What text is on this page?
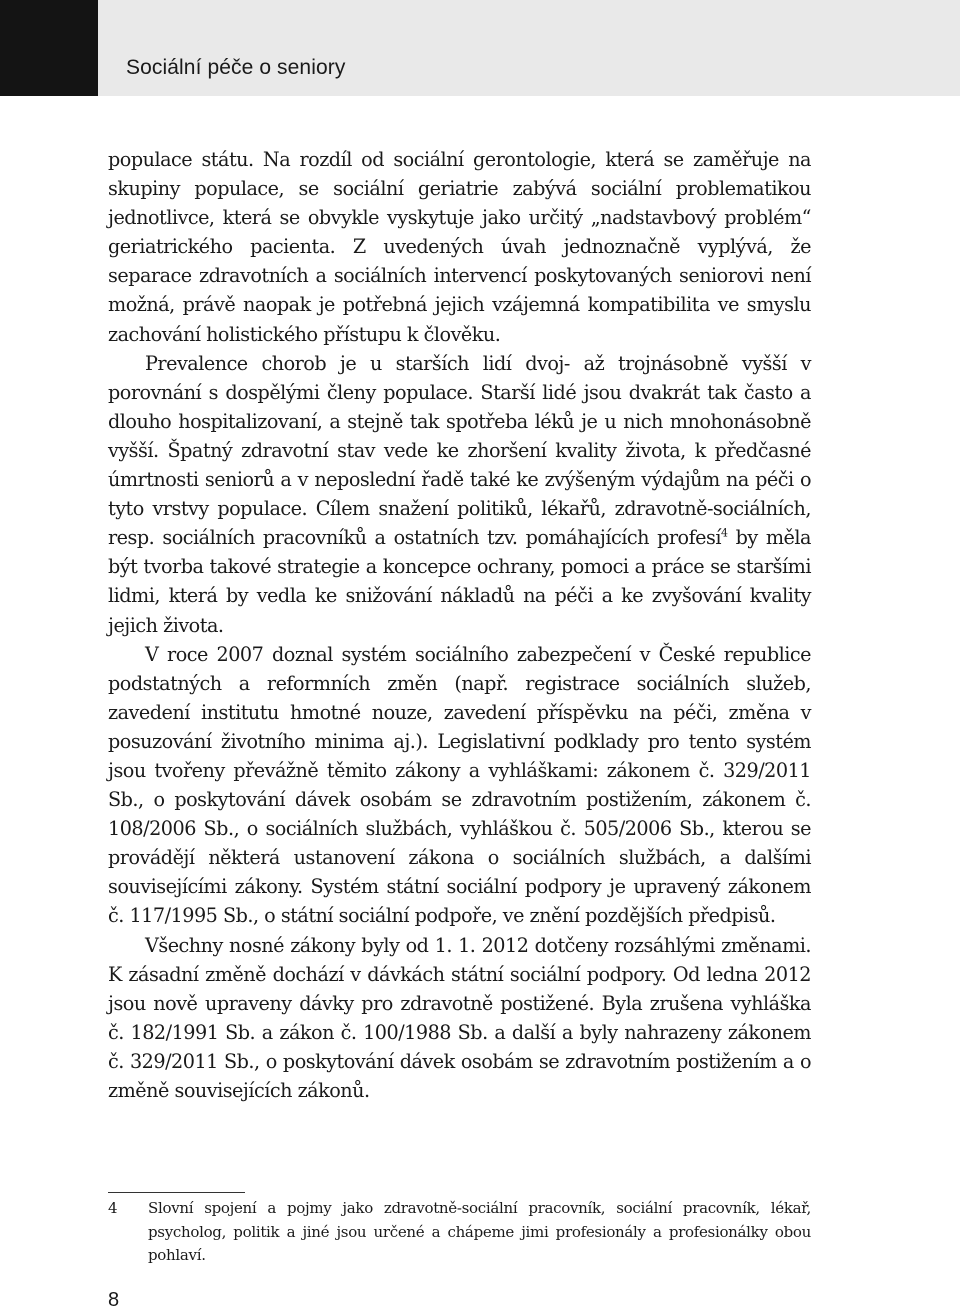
Sociální péče o seniory

populace státu. Na rozdíl od sociální gerontologie, která se zaměřuje na skupiny populace, se sociální geriatrie zabývá sociální problematikou jednotlivce, která se obvykle vyskytuje jako určitý „nadstavbový problém“ geriatrického pacienta. Z uvedených úvah jednoznačně vyplývá, že separace zdravotních a sociálních intervencí poskytovaných seniorovi není možná, právě naopak je potřebná jejich vzájemná kompatibilita ve smyslu zachování holistického přístupu k člověku.

Prevalence chorob je u starších lidí dvoj- až trojnásobně vyšší v porovnání s dospělými členy populace. Starší lidé jsou dvakrát tak často a dlouho hospitalizovaní, a stejně tak spotřeba léků je u nich mnohonásobně vyšší. Špatný zdravotní stav vede ke zhoršení kvality života, k předčasné úmrtnosti seniorů a v neposlední řadě také ke zvýšeným výdajům na péči o tyto vrstvy populace. Cílem snažení politiků, lékařů, zdravotně-sociálních, resp. sociálních pracovníků a ostatních tzv. pomáhajících profesí$^4$ by měla být tvorba takové strategie a koncepce ochrany, pomoci a práce se staršími lidmi, která by vedla ke snižování nákladů na péči a ke zvyšování kvality jejich života.

V roce 2007 doznal systém sociálního zabezpečení v České republice podstatných a reformních změn (např. registrace sociálních služeb, zavedení institutu hmotné nouze, zavedení příspěvku na péči, změna v posuzování životního minima aj.). Legislativní podklady pro tento systém jsou tvořeny převážně těmito zákony a vyhláškami: zákonem č. 329/2011 Sb., o poskytování dávek osobám se zdravotním postižením, zákonem č. 108/2006 Sb., o sociálních službách, vyhláškou č. 505/2006 Sb., kterou se provádějí některá ustanovení zákona o sociálních službách, a dalšími souvisejícími zákony. Systém státní sociální podpory je upravený zákonem č. 117/1995 Sb., o státní sociální podpoře, ve znění pozdějších předpisů.

Všechny nosné zákony byly od 1. 1. 2012 dotčeny rozsáhlými změnami. K zásadní změně dochází v dávkách státní sociální podpory. Od ledna 2012 jsou nově upraveny dávky pro zdravotně postižené. Byla zrušena vyhláška č. 182/1991 Sb. a zákon č. 100/1988 Sb. a další a byly nahrazeny zákonem č. 329/2011 Sb., o poskytování dávek osobám se zdravotním postižením a o změně souvisejících zákonů.

4 Slovní spojení a pojmy jako zdravotně-sociální pracovník, sociální pracovník, lékař, psycholog, politik a jiné jsou určené a chápeme jimi profesionály a profesionálky obou pohlaví.
8
